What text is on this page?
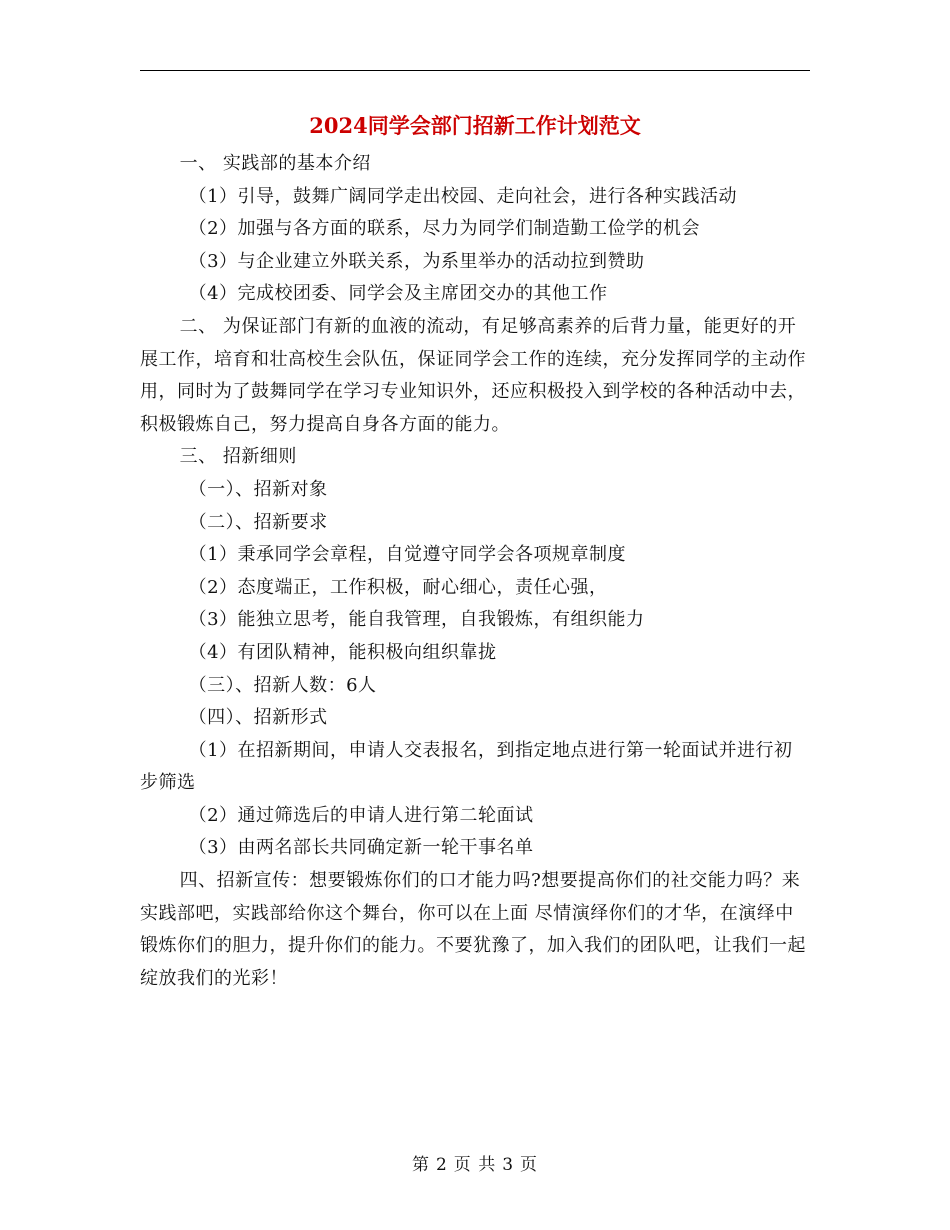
2024同学会部门招新工作计划范文

一、 实践部的基本介绍

（1）引导，鼓舞广阔同学走出校园、走向社会，进行各种实践活动

（2）加强与各方面的联系，尽力为同学们制造勤工俭学的机会

（3）与企业建立外联关系，为系里举办的活动拉到赞助

（4）完成校团委、同学会及主席团交办的其他工作

二、 为保证部门有新的血液的流动，有足够高素养的后背力量，能更好的开展工作，培育和壮高校生会队伍，保证同学会工作的连续，充分发挥同学的主动作用，同时为了鼓舞同学在学习专业知识外，还应积极投入到学校的各种活动中去，积极锻炼自己，努力提高自身各方面的能力。

三、 招新细则

（一）、招新对象

（二）、招新要求

（1）秉承同学会章程，自觉遵守同学会各项规章制度

（2）态度端正，工作积极，耐心细心，责任心强，

（3）能独立思考，能自我管理，自我锻炼，有组织能力

（4）有团队精神，能积极向组织靠拢

（三）、招新人数：6人

（四）、招新形式

（1）在招新期间，申请人交表报名，到指定地点进行第一轮面试并进行初步筛选

（2）通过筛选后的申请人进行第二轮面试

（3）由两名部长共同确定新一轮干事名单

四、招新宣传：想要锻炼你们的口才能力吗?想要提高你们的社交能力吗？来实践部吧，实践部给你这个舞台，你可以在上面 尽情演绎你们的才华，在演绎中锻炼你们的胆力，提升你们的能力。不要犹豫了，加入我们的团队吧，让我们一起绽放我们的光彩！

第 2 页 共 3 页
